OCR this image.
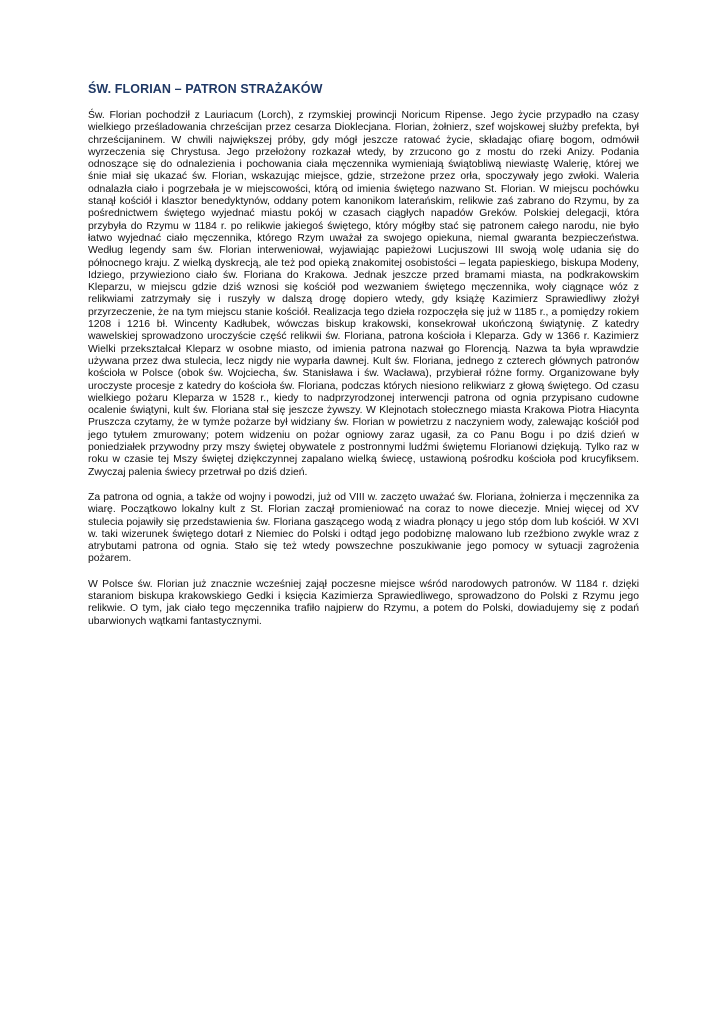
ŚW. FLORIAN – PATRON STRAŻAKÓW

Św. Florian pochodził z Lauriacum (Lorch), z rzymskiej prowincji Noricum Ripense. Jego życie przypadło na czasy wielkiego prześladowania chrześcijan przez cesarza Dioklecjana. Florian, żołnierz, szef wojskowej służby prefekta, był chrześcijaninem. W chwili największej próby, gdy mógł jeszcze ratować życie, składając ofiarę bogom, odmówił wyrzeczenia się Chrystusa. Jego przełożony rozkazał wtedy, by zrzucono go z mostu do rzeki Anizy. Podania odnoszące się do odnalezienia i pochowania ciała męczennika wymieniają świątobliwą niewiastę Walerię, której we śnie miał się ukazać św. Florian, wskazując miejsce, gdzie, strzeżone przez orła, spoczywały jego zwłoki. Waleria odnalazła ciało i pogrzebała je w miejscowości, którą od imienia świętego nazwano St. Florian. W miejscu pochówku stanął kościół i klasztor benedyktynów, oddany potem kanonikom laterańskim, relikwie zaś zabrano do Rzymu, by za pośrednictwem świętego wyjednać miastu pokój w czasach ciągłych napadów Greków. Polskiej delegacji, która przybyła do Rzymu w 1184 r. po relikwie jakiegoś świętego, który mógłby stać się patronem całego narodu, nie było łatwo wyjednać ciało męczennika, którego Rzym uważał za swojego opiekuna, niemal gwaranta bezpieczeństwa. Według legendy sam św. Florian interweniował, wyjawiając papieżowi Lucjuszowi III swoją wolę udania się do północnego kraju. Z wielką dyskrecją, ale też pod opieką znakomitej osobistości – legata papieskiego, biskupa Modeny, Idziego, przywieziono ciało św. Floriana do Krakowa. Jednak jeszcze przed bramami miasta, na podkrakowskim Kleparzu, w miejscu gdzie dziś wznosi się kościół pod wezwaniem świętego męczennika, woły ciągnące wóz z relikwiami zatrzymały się i ruszyły w dalszą drogę dopiero wtedy, gdy książę Kazimierz Sprawiedliwy złożył przyrzeczenie, że na tym miejscu stanie kościół. Realizacja tego dzieła rozpoczęła się już w 1185 r., a pomiędzy rokiem 1208 i 1216 bł. Wincenty Kadłubek, wówczas biskup krakowski, konsekrował ukończoną świątynię. Z katedry wawelskiej sprowadzono uroczyście część relikwii św. Floriana, patrona kościoła i Kleparza. Gdy w 1366 r. Kazimierz Wielki przekształcał Kleparz w osobne miasto, od imienia patrona nazwał go Florencją. Nazwa ta była wprawdzie używana przez dwa stulecia, lecz nigdy nie wyparła dawnej. Kult św. Floriana, jednego z czterech głównych patronów kościoła w Polsce (obok św. Wojciecha, św. Stanisława i św. Wacława), przybierał różne formy. Organizowane były uroczyste procesje z katedry do kościoła św. Floriana, podczas których niesiono relikwiarz z głową świętego. Od czasu wielkiego pożaru Kleparza w 1528 r., kiedy to nadprzyrodzonej interwencji patrona od ognia przypisano cudowne ocalenie świątyni, kult św. Floriana stał się jeszcze żywszy. W Klejnotach stołecznego miasta Krakowa Piotra Hiacynta Pruszcza czytamy, że w tymże pożarze był widziany św. Florian w powietrzu z naczyniem wody, zalewając kościół pod jego tytułem zmurowany; potem widzeniu on pożar ogniowy zaraz ugasił, za co Panu Bogu i po dziś dzień w poniedziałek przywodny przy mszy świętej obywatele z postronnymi ludźmi świętemu Florianowi dziękują. Tylko raz w roku w czasie tej Mszy świętej dziękczynnej zapalano wielką świecę, ustawioną pośrodku kościoła pod krucyfiksem. Zwyczaj palenia świecy przetrwał po dziś dzień.

Za patrona od ognia, a także od wojny i powodzi, już od VIII w. zaczęto uważać św. Floriana, żołnierza i męczennika za wiarę. Początkowo lokalny kult z St. Florian zaczął promieniować na coraz to nowe diecezje. Mniej więcej od XV stulecia pojawiły się przedstawienia św. Floriana gaszącego wodą z wiadra płonący u jego stóp dom lub kościół. W XVI w. taki wizerunek świętego dotarł z Niemiec do Polski i odtąd jego podobiznę malowano lub rzeźbiono zwykle wraz z atrybutami patrona od ognia. Stało się też wtedy powszechne poszukiwanie jego pomocy w sytuacji zagrożenia pożarem.

W Polsce św. Florian już znacznie wcześniej zajął poczesne miejsce wśród narodowych patronów. W 1184 r. dzięki staraniom biskupa krakowskiego Gedki i księcia Kazimierza Sprawiedliwego, sprowadzono do Polski z Rzymu jego relikwie. O tym, jak ciało tego męczennika trafiło najpierw do Rzymu, a potem do Polski, dowiadujemy się z podań ubarwionych wątkami fantastycznymi.
